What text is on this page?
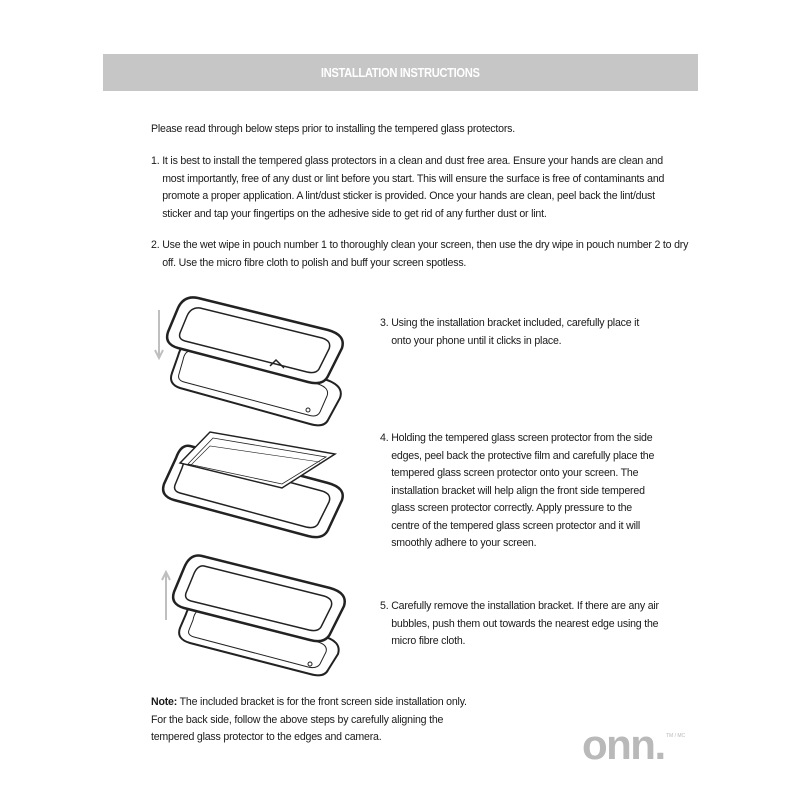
INSTALLATION INSTRUCTIONS

Please read through below steps prior to installing the tempered glass protectors.

1.
It is best to install the tempered glass protectors in a clean and dust free area. Ensure your hands are clean and most importantly, free of any dust or lint before you start. This will ensure the surface is free of contaminants and promote a proper application. A lint/dust sticker is provided. Once your hands are clean, peel back the lint/dust sticker and tap your fingertips on the adhesive side to get rid of any further dust or lint.
2.
Use the wet wipe in pouch number 1 to thoroughly clean your screen, then use the dry wipe in pouch number 2 to dry off. Use the micro fibre cloth to polish and buff your screen spotless.
3.
Using the installation bracket included, carefully place it onto your phone until it clicks in place.
4.
Holding the tempered glass screen protector from the side edges, peel back the protective film and carefully place the tempered glass screen protector onto your screen. The installation bracket will help align the front side tempered glass screen protector correctly. Apply pressure to the centre of the tempered glass screen protector and it will smoothly adhere to your screen.
5.
Carefully remove the installation bracket. If there are any air bubbles, push them out towards the nearest edge using the micro fibre cloth.

Note: The included bracket is for the front screen side installation only. For the back side, follow the above steps by carefully aligning the tempered glass protector to the edges and camera.	onn. TM / MC
